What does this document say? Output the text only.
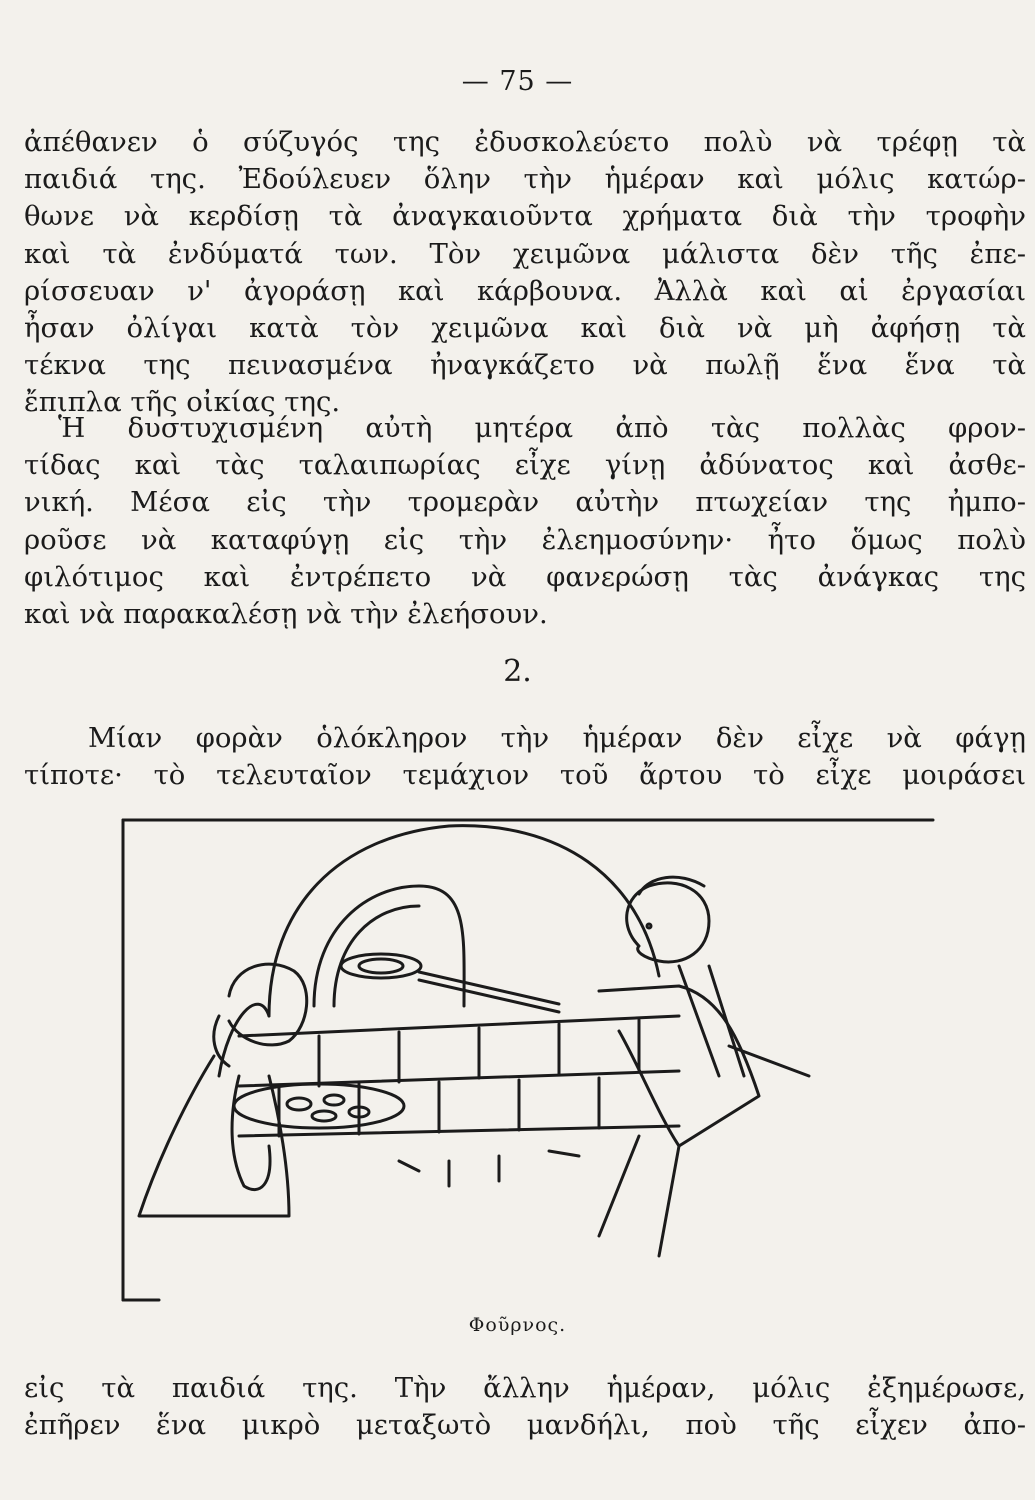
— 75 —
ἀπέθανεν ὁ σύζυγός της ἐδυσκολεύετο πολὺ νὰ τρέφῃ τὰ
παιδιά της. Ἐδούλευεν ὅλην τὴν ἡμέραν καὶ μόλις κατώρ-
θωνε νὰ κερδίσῃ τὰ ἀναγκαιοῦντα χρήματα διὰ τὴν τροφὴν
καὶ τὰ ἐνδύματά των. Τὸν χειμῶνα μάλιστα δὲν τῆς ἐπε-
ρίσσευαν ν' ἀγοράσῃ καὶ κάρβουνα. Ἀλλὰ καὶ αἱ ἐργασίαι
ἦσαν ὀλίγαι κατὰ τὸν χειμῶνα καὶ διὰ νὰ μὴ ἀφήσῃ τὰ
τέκνα της πεινασμένα ἠναγκάζετο νὰ πωλῇ ἕνα ἕνα τὰ
ἔπιπλα τῆς οἰκίας της.
Ἡ δυστυχισμένη αὐτὴ μητέρα ἀπὸ τὰς πολλὰς φρον-
τίδας καὶ τὰς ταλαιπωρίας εἶχε γίνῃ ἀδύνατος καὶ ἀσθε-
νική. Μέσα εἰς τὴν τρομερὰν αὐτὴν πτωχείαν της ἠμπο-
ροῦσε νὰ καταφύγῃ εἰς τὴν ἐλεημοσύνην· ἦτο ὅμως πολὺ
φιλότιμος καὶ ἐντρέπετο νὰ φανερώσῃ τὰς ἀνάγκας της
καὶ νὰ παρακαλέσῃ νὰ τὴν ἐλεήσουν.
2.
Μίαν φορὰν ὁλόκληρον τὴν ἡμέραν δὲν εἶχε νὰ φάγῃ
τίποτε· τὸ τελευταῖον τεμάχιον τοῦ ἄρτου τὸ εἶχε μοιράσει
Φοῦρνος.
εἰς τὰ παιδιά της. Τὴν ἄλλην ἡμέραν, μόλις ἐξημέρωσε,
ἐπῆρεν ἕνα μικρὸ μεταξωτὸ μανδήλι, ποὺ τῆς εἶχεν ἀπο-
